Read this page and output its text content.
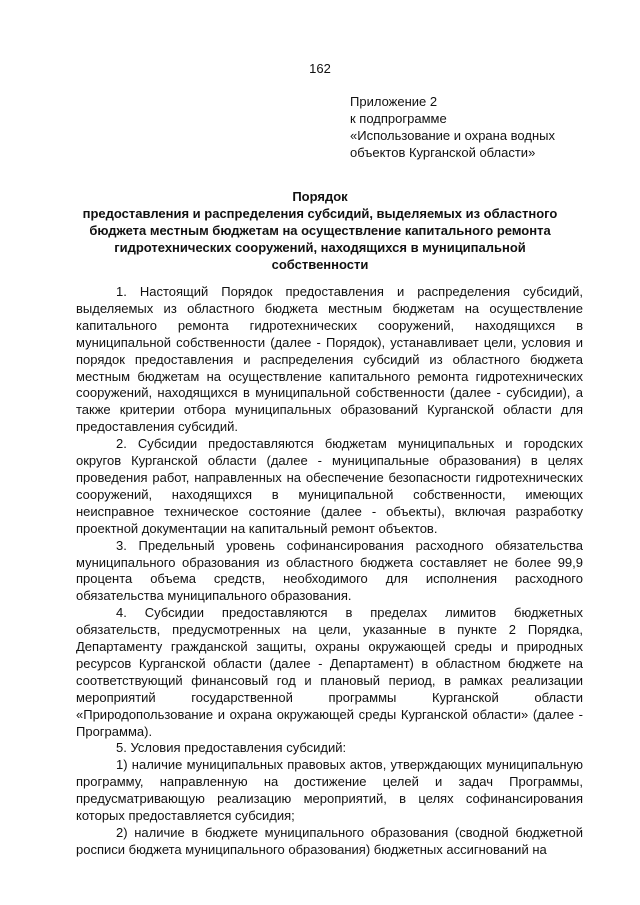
162
Приложение 2
к подпрограмме
«Использование и охрана водных
объектов Курганской области»
Порядок
предоставления и распределения субсидий, выделяемых из областного
бюджета местным бюджетам на осуществление капитального ремонта
гидротехнических сооружений, находящихся в муниципальной
собственности

1. Настоящий Порядок предоставления и распределения субсидий, выделяемых из областного бюджета местным бюджетам на осуществление капитального ремонта гидротехнических сооружений, находящихся в муниципальной собственности (далее - Порядок), устанавливает цели, условия и порядок предоставления и распределения субсидий из областного бюджета местным бюджетам на осуществление капитального ремонта гидротехнических сооружений, находящихся в муниципальной собственности (далее - субсидии), а также критерии отбора муниципальных образований Курганской области для предоставления субсидий.

2. Субсидии предоставляются бюджетам муниципальных и городских округов Курганской области (далее - муниципальные образования) в целях проведения работ, направленных на обеспечение безопасности гидротехнических сооружений, находящихся в муниципальной собственности, имеющих неисправное техническое состояние (далее - объекты), включая разработку проектной документации на капитальный ремонт объектов.

3. Предельный уровень софинансирования расходного обязательства муниципального образования из областного бюджета составляет не более 99,9 процента объема средств, необходимого для исполнения расходного обязательства муниципального образования.

4. Субсидии предоставляются в пределах лимитов бюджетных обязательств, предусмотренных на цели, указанные в пункте 2 Порядка, Департаменту гражданской защиты, охраны окружающей среды и природных ресурсов Курганской области (далее - Департамент) в областном бюджете на соответствующий финансовый год и плановый период, в рамках реализации мероприятий государственной программы Курганской области «Природопользование и охрана окружающей среды Курганской области» (далее - Программа).

5. Условия предоставления субсидий:

1) наличие муниципальных правовых актов, утверждающих муниципальную программу, направленную на достижение целей и задач Программы, предусматривающую реализацию мероприятий, в целях софинансирования которых предоставляется субсидия;

2) наличие в бюджете муниципального образования (сводной бюджетной росписи бюджета муниципального образования) бюджетных ассигнований на
